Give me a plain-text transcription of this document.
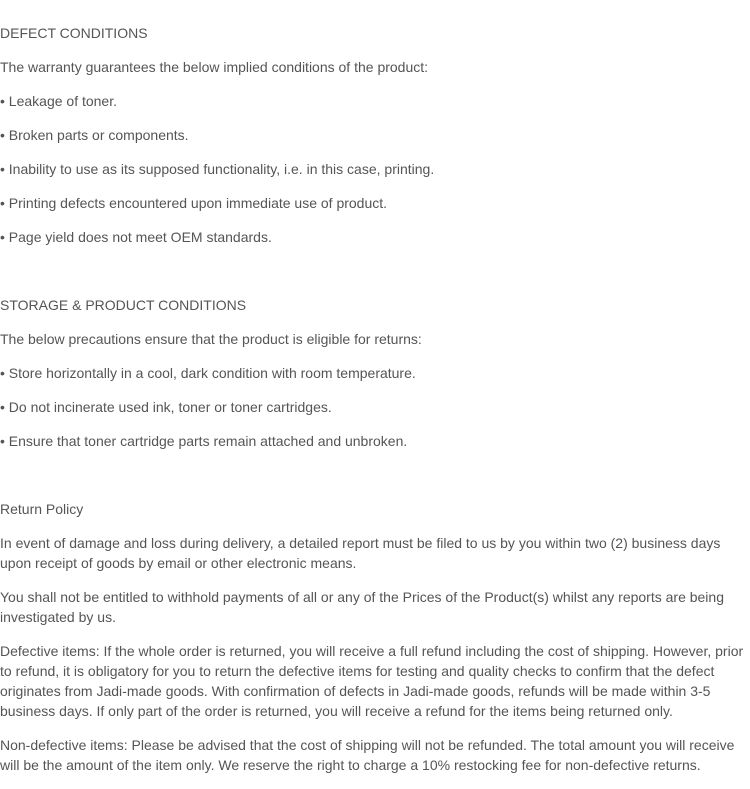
DEFECT CONDITIONS

The warranty guarantees the below implied conditions of the product:

• Leakage of toner.

• Broken parts or components.

• Inability to use as its supposed functionality, i.e. in this case, printing.

• Printing defects encountered upon immediate use of product.

• Page yield does not meet OEM standards.

STORAGE & PRODUCT CONDITIONS

The below precautions ensure that the product is eligible for returns:

• Store horizontally in a cool, dark condition with room temperature.

• Do not incinerate used ink, toner or toner cartridges.

• Ensure that toner cartridge parts remain attached and unbroken.

Return Policy

In event of damage and loss during delivery, a detailed report must be filed to us by you within two (2) business days upon receipt of goods by email or other electronic means.

You shall not be entitled to withhold payments of all or any of the Prices of the Product(s) whilst any reports are being investigated by us.

Defective items: If the whole order is returned, you will receive a full refund including the cost of shipping. However, prior to refund, it is obligatory for you to return the defective items for testing and quality checks to confirm that the defect originates from Jadi-made goods. With confirmation of defects in Jadi-made goods, refunds will be made within 3-5 business days. If only part of the order is returned, you will receive a refund for the items being returned only.

Non-defective items: Please be advised that the cost of shipping will not be refunded. The total amount you will receive will be the amount of the item only. We reserve the right to charge a 10% restocking fee for non-defective returns.
